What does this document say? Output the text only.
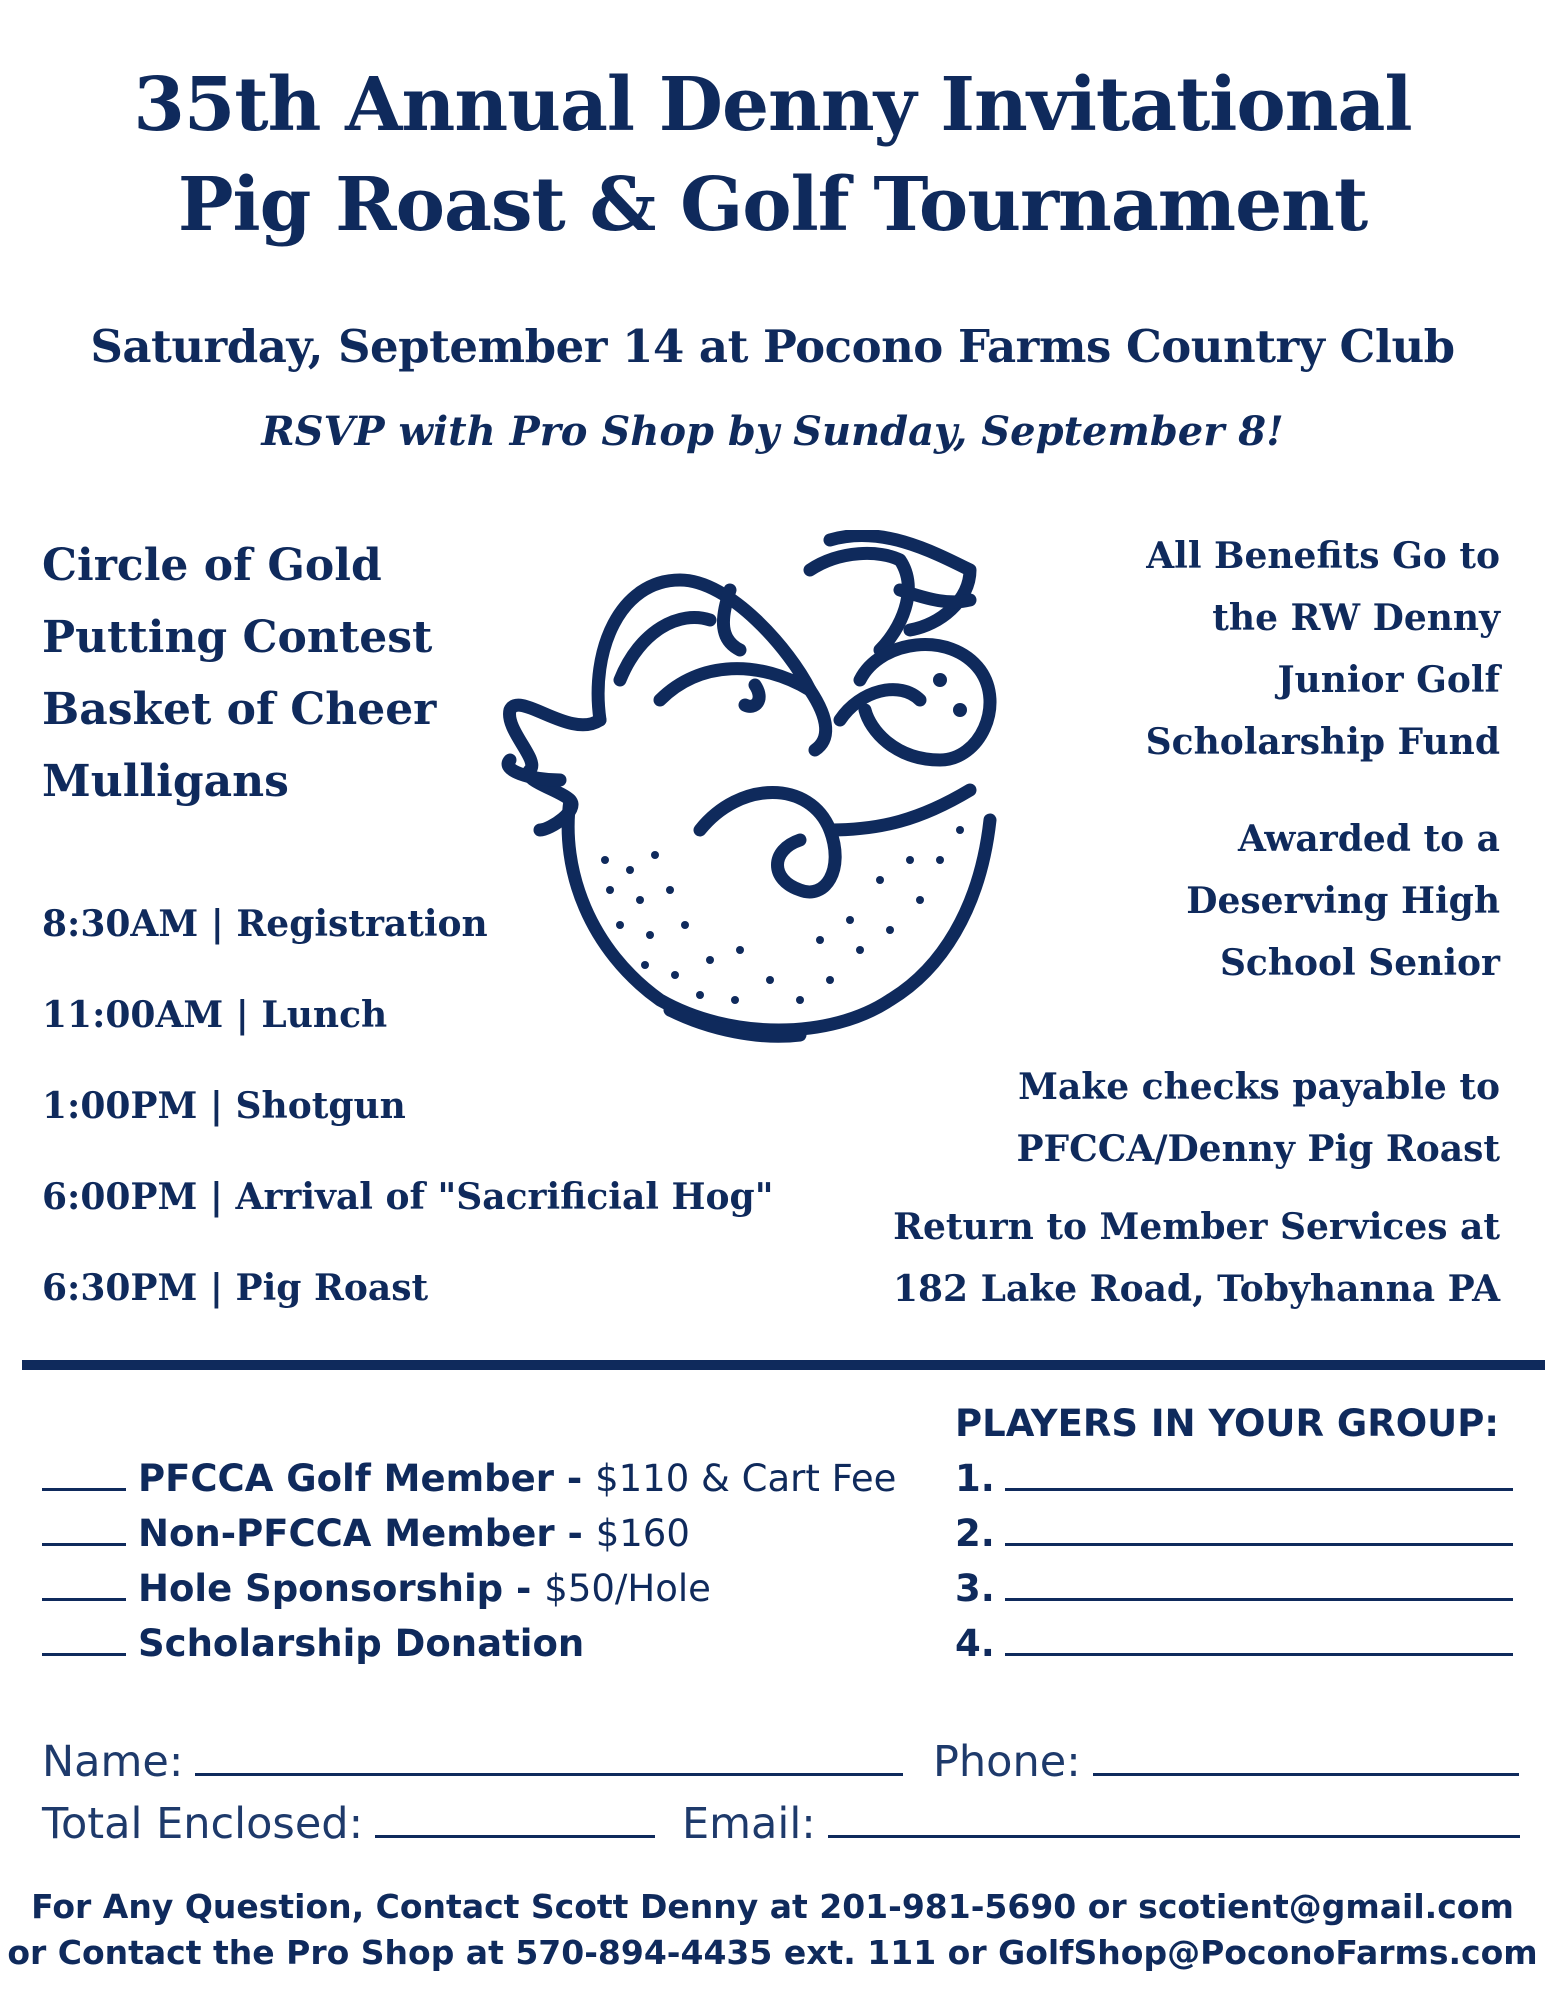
35th Annual Denny Invitational
Pig Roast & Golf Tournament
Saturday, September 14 at Pocono Farms Country Club
RSVP with Pro Shop by Sunday, September 8!
Circle of Gold
Putting Contest
Basket of Cheer
Mulligans
8:30AM | Registration
11:00AM | Lunch
1:00PM | Shotgun
6:00PM | Arrival of "Sacrificial Hog"
6:30PM | Pig Roast
All Benefits Go to
the RW Denny
Junior Golf
Scholarship Fund
Awarded to a
Deserving High
School Senior
Make checks payable to
PFCCA/Denny Pig Roast
Return to Member Services at
182 Lake Road, Tobyhanna PA
PFCCA Golf Member - $110 & Cart Fee
Non-PFCCA Member - $160
Hole Sponsorship - $50/Hole
Scholarship Donation
PLAYERS IN YOUR GROUP:
1.
2.
3.
4.
Name:	Phone:
Total Enclosed:	Email:
For Any Question, Contact Scott Denny at 201-981-5690 or scotient@gmail.com
or Contact the Pro Shop at 570-894-4435 ext. 111 or GolfShop@PoconoFarms.com
